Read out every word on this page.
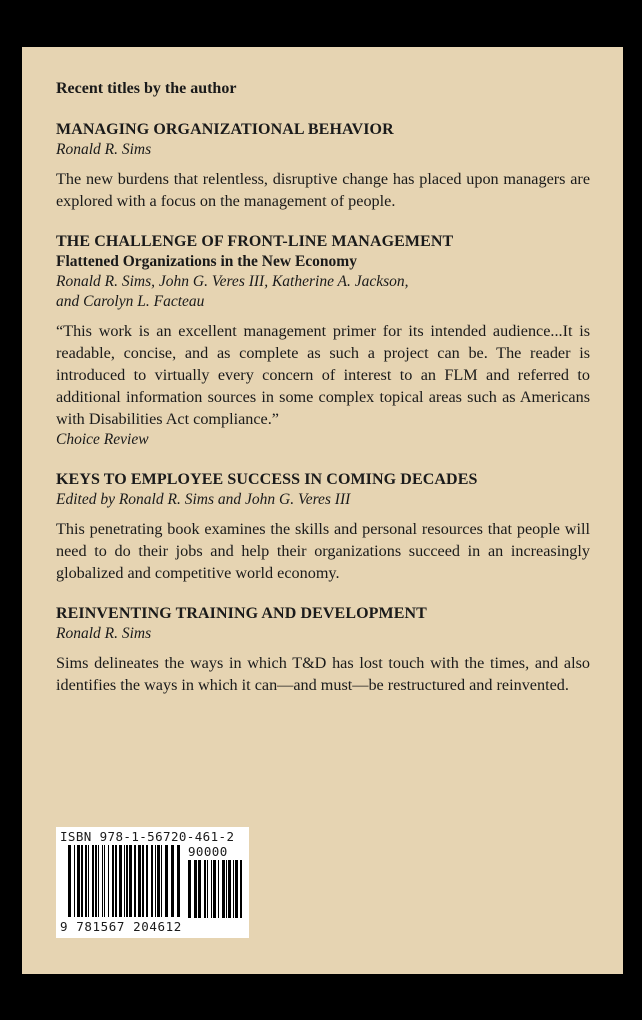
Recent titles by the author
MANAGING ORGANIZATIONAL BEHAVIOR
Ronald R. Sims
The new burdens that relentless, disruptive change has placed upon managers are explored with a focus on the management of people.
THE CHALLENGE OF FRONT-LINE MANAGEMENT
Flattened Organizations in the New Economy
Ronald R. Sims, John G. Veres III, Katherine A. Jackson,
and Carolyn L. Facteau
“This work is an excellent management primer for its intended audience...It is readable, concise, and as complete as such a project can be. The reader is introduced to virtually every concern of interest to an FLM and referred to additional information sources in some complex topical areas such as Americans with Disabilities Act compliance.”
Choice Review
KEYS TO EMPLOYEE SUCCESS IN COMING DECADES
Edited by Ronald R. Sims and John G. Veres III
This penetrating book examines the skills and personal resources that people will need to do their jobs and help their organizations succeed in an increasingly globalized and competitive world economy.
REINVENTING TRAINING AND DEVELOPMENT
Ronald R. Sims
Sims delineates the ways in which T&D has lost touch with the times, and also identifies the ways in which it can—and must—be restructured and reinvented.
ISBN 978-1-56720-461-2
90000
9 781567 204612
